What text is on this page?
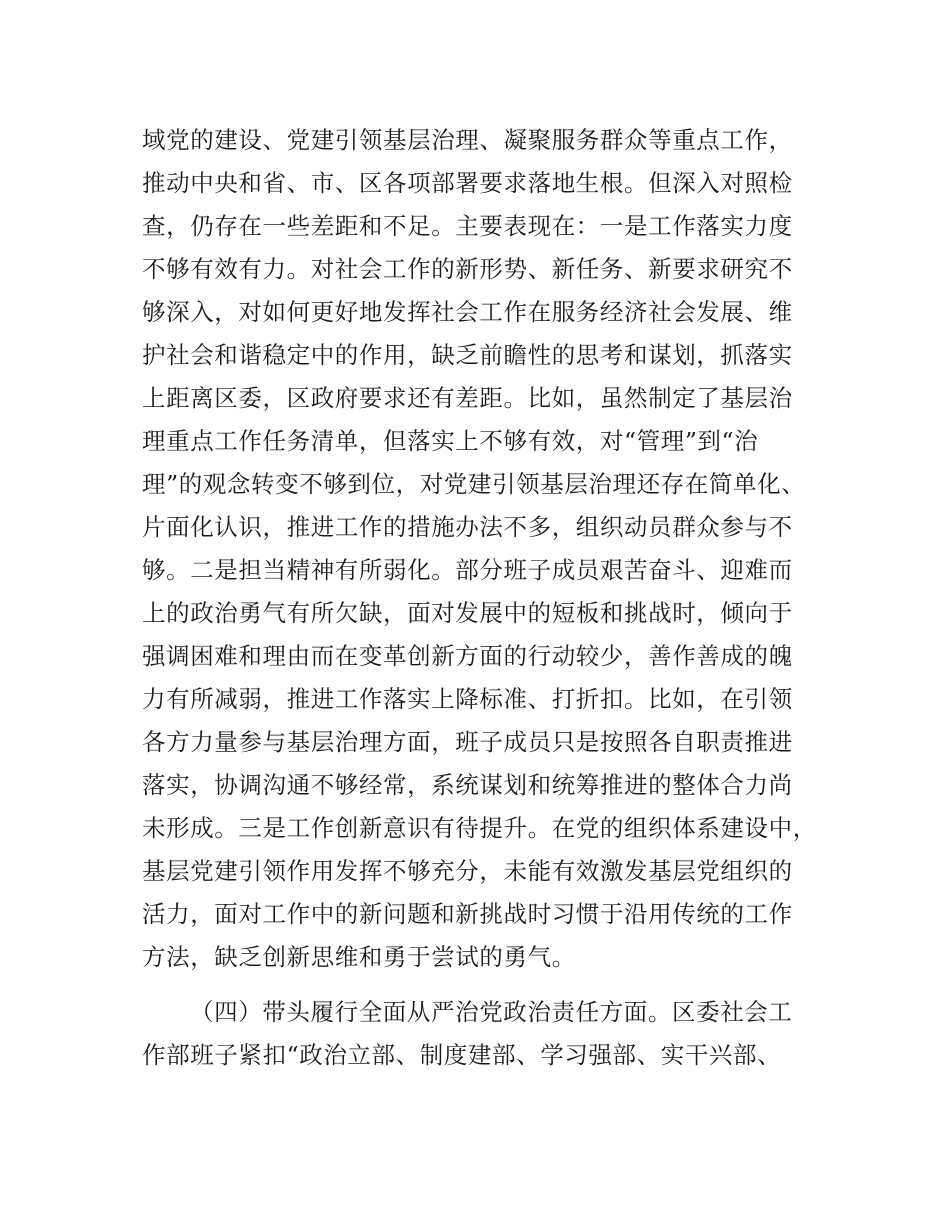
域党的建设、党建引领基层治理、凝聚服务群众等重点工作，
推动中央和省、市、区各项部署要求落地生根。但深入对照检
查，仍存在一些差距和不足。主要表现在：一是工作落实力度
不够有效有力。对社会工作的新形势、新任务、新要求研究不
够深入，对如何更好地发挥社会工作在服务经济社会发展、维
护社会和谐稳定中的作用，缺乏前瞻性的思考和谋划，抓落实
上距离区委，区政府要求还有差距。比如，虽然制定了基层治
理重点工作任务清单，但落实上不够有效，对“管理”到“治
理”的观念转变不够到位，对党建引领基层治理还存在简单化、
片面化认识，推进工作的措施办法不多，组织动员群众参与不
够。二是担当精神有所弱化。部分班子成员艰苦奋斗、迎难而
上的政治勇气有所欠缺，面对发展中的短板和挑战时，倾向于
强调困难和理由而在变革创新方面的行动较少，善作善成的魄
力有所减弱，推进工作落实上降标准、打折扣。比如，在引领
各方力量参与基层治理方面，班子成员只是按照各自职责推进
落实，协调沟通不够经常，系统谋划和统筹推进的整体合力尚
未形成。三是工作创新意识有待提升。在党的组织体系建设中，
基层党建引领作用发挥不够充分，未能有效激发基层党组织的
活力，面对工作中的新问题和新挑战时习惯于沿用传统的工作
方法，缺乏创新思维和勇于尝试的勇气。
（四）带头履行全面从严治党政治责任方面。区委社会工
作部班子紧扣“政治立部、制度建部、学习强部、实干兴部、
